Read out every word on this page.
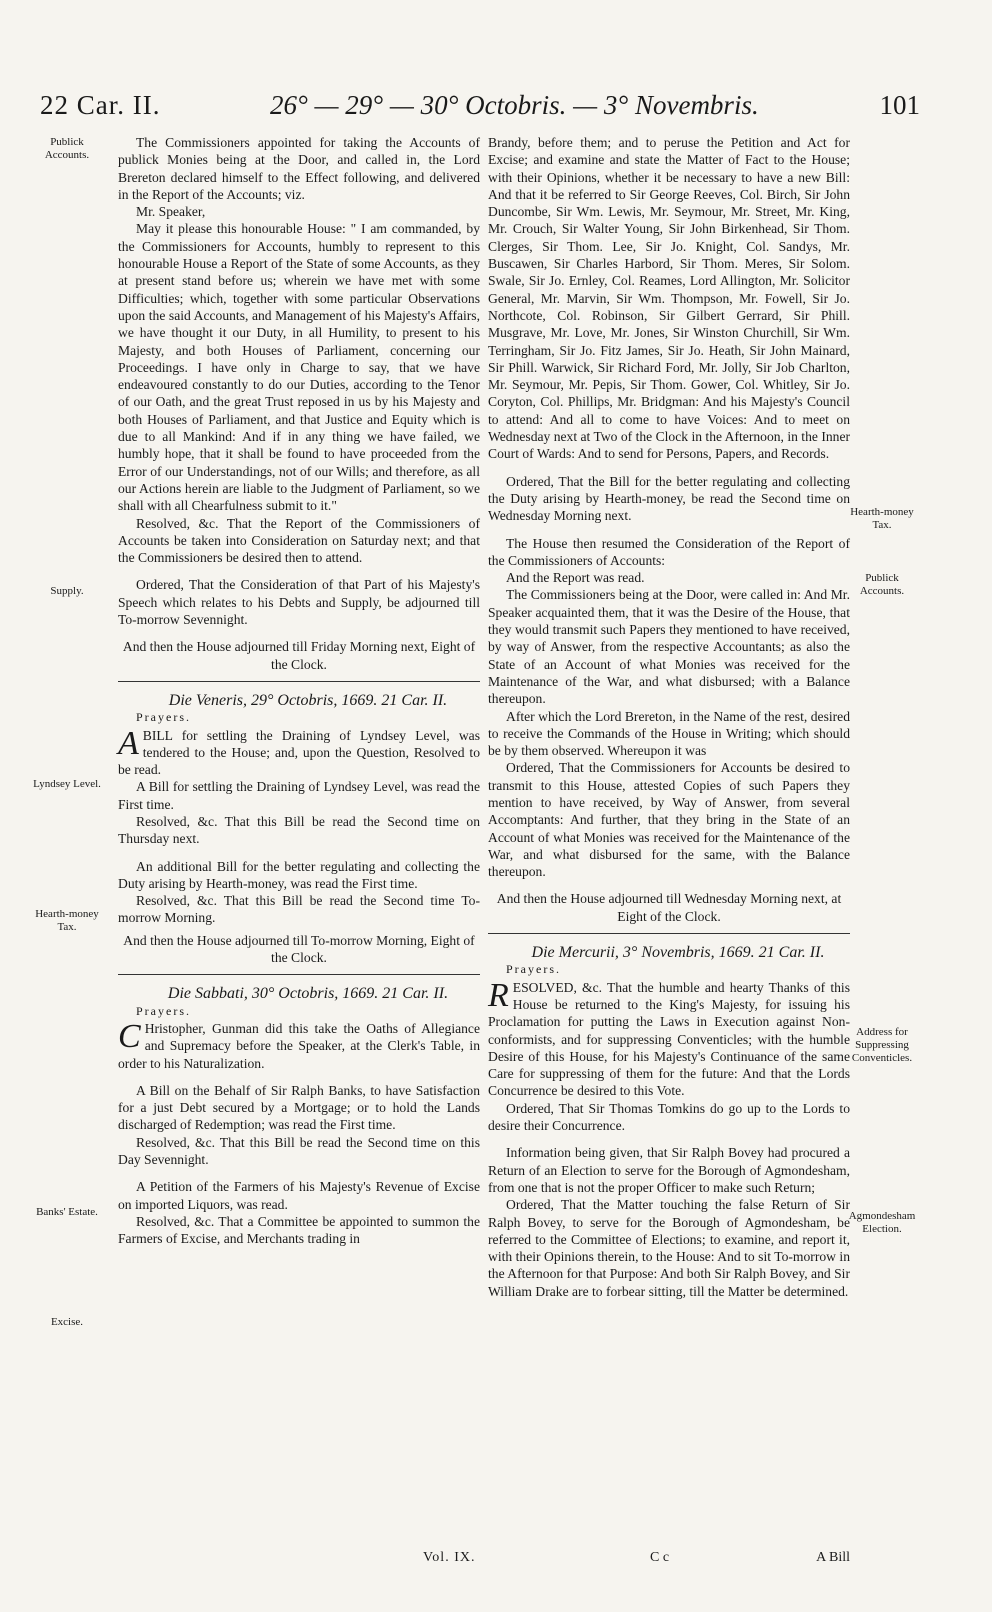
22 Car. II.	26° — 29° — 30° Octobris. — 3° Novembris.	101
Publick Accounts.
Supply.
Lyndsey Level.
Hearth-money Tax.
Banks' Estate.
Excise.
Hearth-money Tax.
Publick Accounts.
Address for Suppressing Conventicles.
Agmondesham Election.

The Commissioners appointed for taking the Accounts of publick Monies being at the Door, and called in, the Lord Brereton declared himself to the Effect following, and delivered in the Report of the Accounts; viz.

Mr. Speaker,

May it please this honourable House: " I am commanded, by the Commissioners for Accounts, humbly to represent to this honourable House a Report of the State of some Accounts, as they at present stand before us; wherein we have met with some Difficulties; which, together with some particular Observations upon the said Accounts, and Management of his Majesty's Affairs, we have thought it our Duty, in all Humility, to present to his Majesty, and both Houses of Parliament, concerning our Proceedings. I have only in Charge to say, that we have endeavoured constantly to do our Duties, according to the Tenor of our Oath, and the great Trust reposed in us by his Majesty and both Houses of Parliament, and that Justice and Equity which is due to all Mankind: And if in any thing we have failed, we humbly hope, that it shall be found to have proceeded from the Error of our Understandings, not of our Wills; and therefore, as all our Actions herein are liable to the Judgment of Parliament, so we shall with all Chearfulness submit to it."

Resolved, &c. That the Report of the Commissioners of Accounts be taken into Consideration on Saturday next; and that the Commissioners be desired then to attend.

Ordered, That the Consideration of that Part of his Majesty's Speech which relates to his Debts and Supply, be adjourned till To-morrow Sevennight.

And then the House adjourned till Friday Morning next, Eight of the Clock.

Die Veneris, 29° Octobris, 1669. 21 Car. II.

Prayers.

ABILL for settling the Draining of Lyndsey Level, was tendered to the House; and, upon the Question, Resolved to be read.

A Bill for settling the Draining of Lyndsey Level, was read the First time.

Resolved, &c. That this Bill be read the Second time on Thursday next.

An additional Bill for the better regulating and collecting the Duty arising by Hearth-money, was read the First time.

Resolved, &c. That this Bill be read the Second time To-morrow Morning.

And then the House adjourned till To-morrow Morning, Eight of the Clock.

Die Sabbati, 30° Octobris, 1669. 21 Car. II.

Prayers.

C Hristopher, Gunman did this take the Oaths of Allegiance and Supremacy before the Speaker, at the Clerk's Table, in order to his Naturalization.

A Bill on the Behalf of Sir Ralph Banks, to have Satisfaction for a just Debt secured by a Mortgage; or to hold the Lands discharged of Redemption; was read the First time.

Resolved, &c. That this Bill be read the Second time on this Day Sevennight.

A Petition of the Farmers of his Majesty's Revenue of Excise on imported Liquors, was read.

Resolved, &c. That a Committee be appointed to summon the Farmers of Excise, and Merchants trading in

Brandy, before them; and to peruse the Petition and Act for Excise; and examine and state the Matter of Fact to the House; with their Opinions, whether it be necessary to have a new Bill: And that it be referred to Sir George Reeves, Col. Birch, Sir John Duncombe, Sir Wm. Lewis, Mr. Seymour, Mr. Street, Mr. King, Mr. Crouch, Sir Walter Young, Sir John Birkenhead, Sir Thom. Clerges, Sir Thom. Lee, Sir Jo. Knight, Col. Sandys, Mr. Buscawen, Sir Charles Harbord, Sir Thom. Meres, Sir Solom. Swale, Sir Jo. Ernley, Col. Reames, Lord Allington, Mr. Solicitor General, Mr. Marvin, Sir Wm. Thompson, Mr. Fowell, Sir Jo. Northcote, Col. Robinson, Sir Gilbert Gerrard, Sir Phill. Musgrave, Mr. Love, Mr. Jones, Sir Winston Churchill, Sir Wm. Terringham, Sir Jo. Fitz James, Sir Jo. Heath, Sir John Mainard, Sir Phill. Warwick, Sir Richard Ford, Mr. Jolly, Sir Job Charlton, Mr. Seymour, Mr. Pepis, Sir Thom. Gower, Col. Whitley, Sir Jo. Coryton, Col. Phillips, Mr. Bridgman: And his Majesty's Council to attend: And all to come to have Voices: And to meet on Wednesday next at Two of the Clock in the Afternoon, in the Inner Court of Wards: And to send for Persons, Papers, and Records.

Ordered, That the Bill for the better regulating and collecting the Duty arising by Hearth-money, be read the Second time on Wednesday Morning next.

The House then resumed the Consideration of the Report of the Commissioners of Accounts:

And the Report was read.

The Commissioners being at the Door, were called in: And Mr. Speaker acquainted them, that it was the Desire of the House, that they would transmit such Papers they mentioned to have received, by way of Answer, from the respective Accountants; as also the State of an Account of what Monies was received for the Maintenance of the War, and what disbursed; with a Balance thereupon.

After which the Lord Brereton, in the Name of the rest, desired to receive the Commands of the House in Writing; which should be by them observed. Whereupon it was

Ordered, That the Commissioners for Accounts be desired to transmit to this House, attested Copies of such Papers they mention to have received, by Way of Answer, from several Accomptants: And further, that they bring in the State of an Account of what Monies was received for the Maintenance of the War, and what disbursed for the same, with the Balance thereupon.

And then the House adjourned till Wednesday Morning next, at Eight of the Clock.

Die Mercurii, 3° Novembris, 1669. 21 Car. II.

Prayers.

RESOLVED, &c. That the humble and hearty Thanks of this House be returned to the King's Majesty, for issuing his Proclamation for putting the Laws in Execution against Non-conformists, and for suppressing Conventicles; with the humble Desire of this House, for his Majesty's Continuance of the same Care for suppressing of them for the future: And that the Lords Concurrence be desired to this Vote.

Ordered, That Sir Thomas Tomkins do go up to the Lords to desire their Concurrence.

Information being given, that Sir Ralph Bovey had procured a Return of an Election to serve for the Borough of Agmondesham, from one that is not the proper Officer to make such Return;

Ordered, That the Matter touching the false Return of Sir Ralph Bovey, to serve for the Borough of Agmondesham, be referred to the Committee of Elections; to examine, and report it, with their Opinions therein, to the House: And to sit To-morrow in the Afternoon for that Purpose: And both Sir Ralph Bovey, and Sir William Drake are to forbear sitting, till the Matter be determined.

Vol. IX.	C c	A Bill
